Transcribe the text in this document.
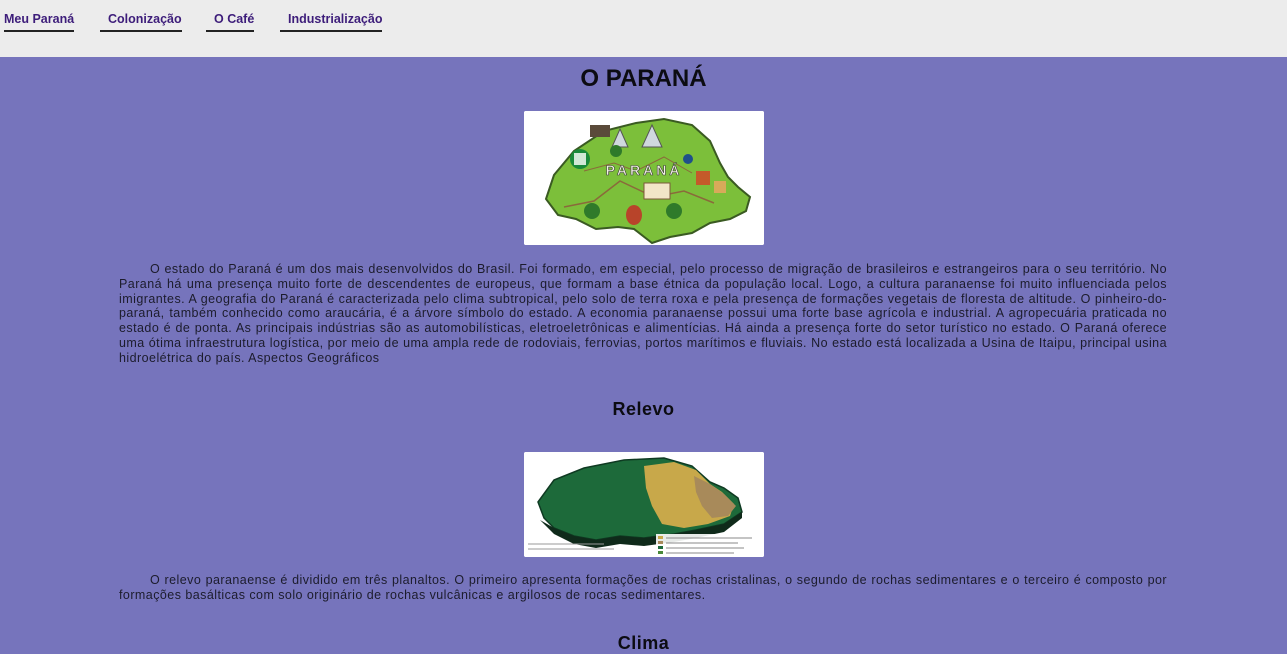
Meu Paraná	Colonização	O Café	Industrialização
O PARANÁ
PARANÁ

O estado do Paraná é um dos mais desenvolvidos do Brasil. Foi formado, em especial, pelo processo de migração de brasileiros e estrangeiros para o seu território. No Paraná há uma presença muito forte de descendentes de europeus, que formam a base étnica da população local. Logo, a cultura paranaense foi muito influenciada pelos imigrantes. A geografia do Paraná é caracterizada pelo clima subtropical, pelo solo de terra roxa e pela presença de formações vegetais de floresta de altitude. O pinheiro-do-paraná, também conhecido como araucária, é a árvore símbolo do estado. A economia paranaense possui uma forte base agrícola e industrial. A agropecuária praticada no estado é de ponta. As principais indústrias são as automobilísticas, eletroeletrônicas e alimentícias. Há ainda a presença forte do setor turístico no estado. O Paraná oferece uma ótima infraestrutura logística, por meio de uma ampla rede de rodoviais, ferrovias, portos marítimos e fluviais. No estado está localizada a Usina de Itaipu, principal usina hidroelétrica do país. Aspectos Geográficos

Relevo

O relevo paranaense é dividido em três planaltos. O primeiro apresenta formações de rochas cristalinas, o segundo de rochas sedimentares e o terceiro é composto por formações basálticas com solo originário de rochas vulcânicas e argilosos de rocas sedimentares.

Clima
